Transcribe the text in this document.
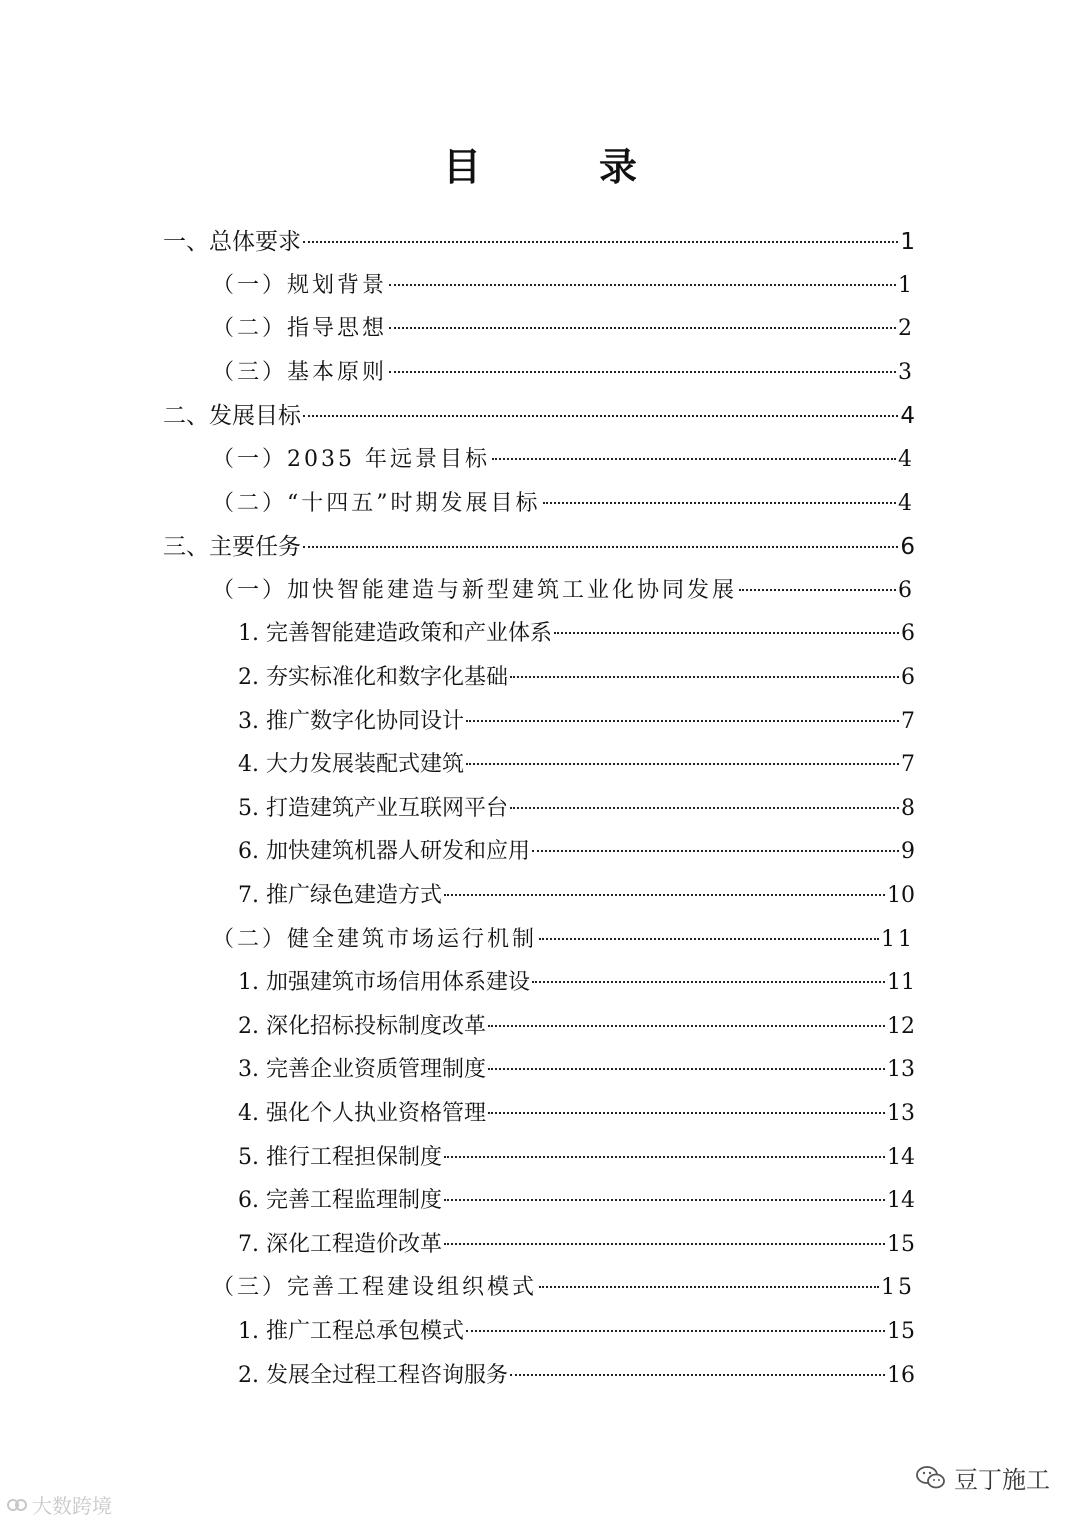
目　录
一、总体要求	1
（一）规划背景	1
（二）指导思想	2
（三）基本原则	3
二、发展目标	4
（一）2035 年远景目标	4
（二）“十四五”时期发展目标	4
三、主要任务	6
（一）加快智能建造与新型建筑工业化协同发展	6
1. 完善智能建造政策和产业体系	6
2. 夯实标准化和数字化基础	6
3. 推广数字化协同设计	7
4. 大力发展装配式建筑	7
5. 打造建筑产业互联网平台	8
6. 加快建筑机器人研发和应用	9
7. 推广绿色建造方式	10
（二）健全建筑市场运行机制	11
1. 加强建筑市场信用体系建设	11
2. 深化招标投标制度改革	12
3. 完善企业资质管理制度	13
4. 强化个人执业资格管理	13
5. 推行工程担保制度	14
6. 完善工程监理制度	14
7. 深化工程造价改革	15
（三）完善工程建设组织模式	15
1. 推广工程总承包模式	15
2. 发展全过程工程咨询服务	16
大数跨境
豆丁施工
